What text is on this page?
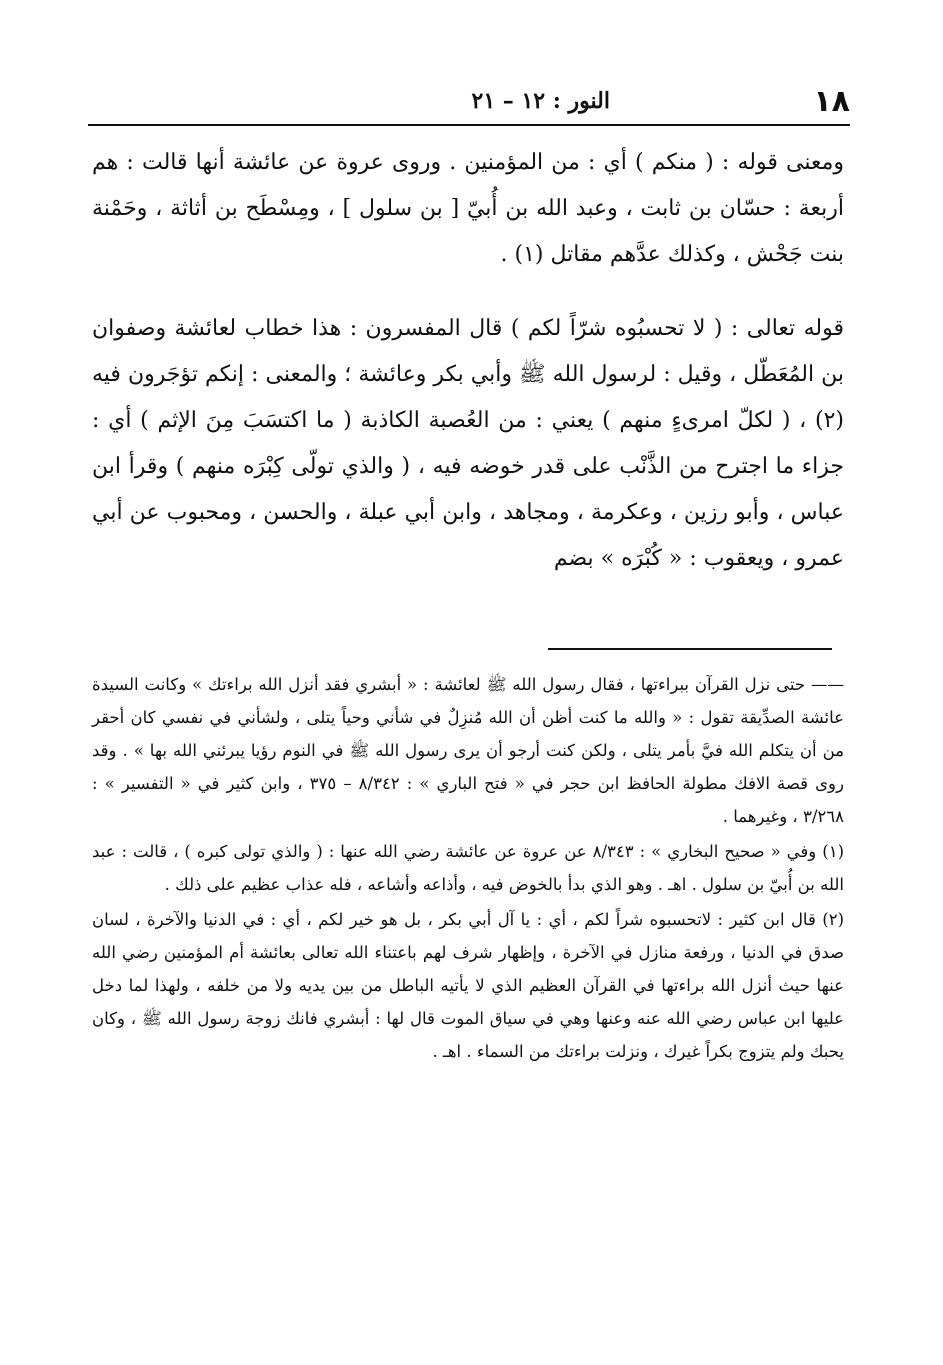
١٨
النور : ١٢ – ٢١

ومعنى قوله : ( منكم ) أي : من المؤمنين . وروى عروة عن عائشة أنها قالت : هم أربعة : حسّان بن ثابت ، وعبد الله بن أُبيّ [ بن سلول ] ، ومِسْطَح بن أثاثة ، وحَمْنة بنت جَحْش ، وكذلك عدَّهم مقاتل (١) .

قوله تعالى : ( لا تحسبُوه شرّاً لكم ) قال المفسرون : هذا خطاب لعائشة وصفوان بن المُعَطّل ، وقيل : لرسول الله ﷺ وأبي بكر وعائشة ؛ والمعنى : إنكم تؤجَرون فيه (٢) ، ( لكلّ امرىءٍ منهم ) يعني : من العُصبة الكاذبة ( ما اكتسَبَ مِنَ الإثم ) أي : جزاء ما اجترح من الذَّنْب على قدر خوضه فيه ، ( والذي تولّى كِبْرَه منهم ) وقرأ ابن عباس ، وأبو رزين ، وعكرمة ، ومجاهد ، وابن أبي عبلة ، والحسن ، ومحبوب عن أبي عمرو ، ويعقوب : « كُبْرَه » بضم

—— حتى نزل القرآن ببراءتها ، فقال رسول الله ﷺ لعائشة : « أبشري فقد أنزل الله براءتك » وكانت السيدة عائشة الصدِّيقة تقول : « والله ما كنت أظن أن الله مُنزِلٌ في شأني وحياً يتلى ، ولشأني في نفسي كان أحقر من أن يتكلم الله فيَّ بأمر يتلى ، ولكن كنت أرجو أن يرى رسول الله ﷺ في النوم رؤيا يبرئني الله بها » . وقد روى قصة الافك مطولة الحافظ ابن حجر في « فتح الباري » : ٨/٣٤٢ – ٣٧٥ ، وابن كثير في « التفسير » : ٣/٢٦٨ ، وغيرهما .

(١) وفي « صحيح البخاري » : ٨/٣٤٣ عن عروة عن عائشة رضي الله عنها : ( والذي تولى كبره ) ، قالت : عبد الله بن أُبيّ بن سلول . اهـ . وهو الذي بدأ بالخوض فيه ، وأذاعه وأشاعه ، فله عذاب عظيم على ذلك .

(٢) قال ابن كثير : لاتحسبوه شراً لكم ، أي : يا آل أبي بكر ، بل هو خير لكم ، أي : في الدنيا والآخرة ، لسان صدق في الدنيا ، ورفعة منازل في الآخرة ، وإظهار شرف لهم باعتناء الله تعالى بعائشة أم المؤمنين رضي الله عنها حيث أنزل الله براءتها في القرآن العظيم الذي لا يأتيه الباطل من بين يديه ولا من خلفه ، ولهذا لما دخل عليها ابن عباس رضي الله عنه وعنها وهي في سياق الموت قال لها : أبشري فانك زوجة رسول الله ﷺ ، وكان يحبك ولم يتزوج بكراً غيرك ، ونزلت براءتك من السماء . اهـ .
